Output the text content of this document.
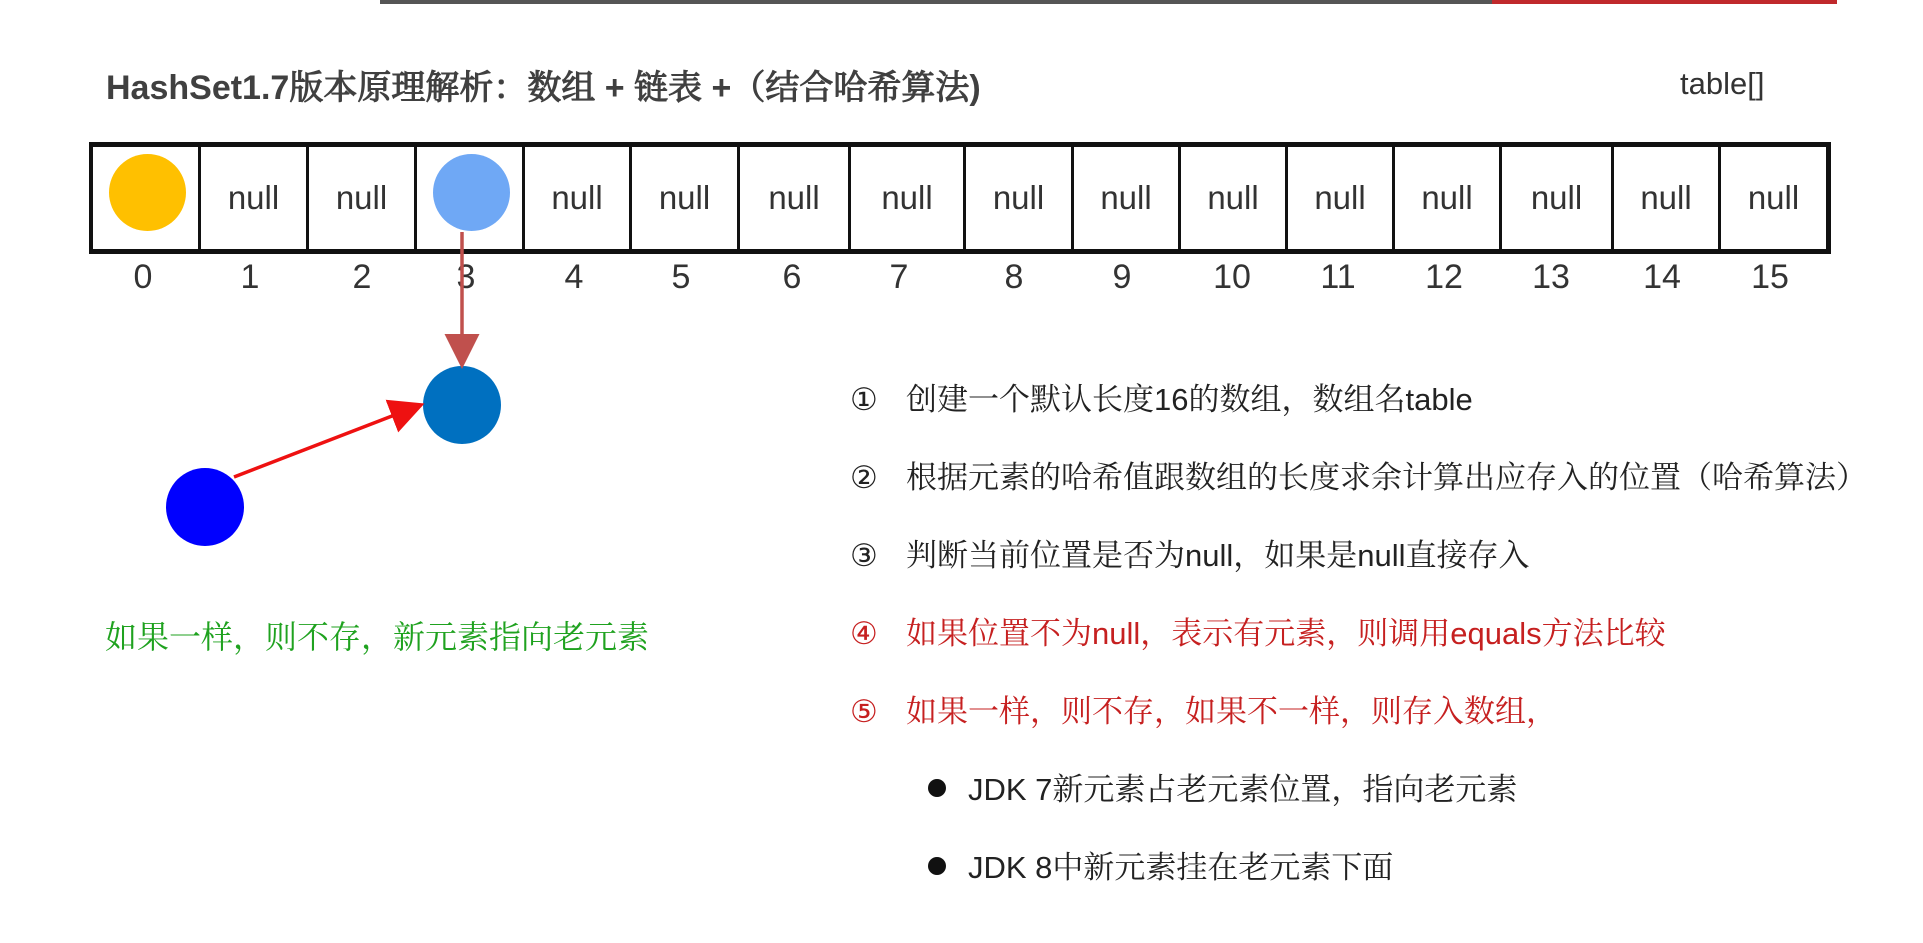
HashSet1.7版本原理解析：数组 + 链表 +（结合哈希算法)	table[]
null	null	null	null	null	null	null	null	null	null	null	null	null	null
0	1	2	3	4	5	6	7	8	9 10 11 12 13 14 15
如果一样，则不存，新元素指向老元素
① 创建一个默认长度16的数组，数组名table
② 根据元素的哈希值跟数组的长度求余计算出应存入的位置（哈希算法）
③ 判断当前位置是否为null，如果是null直接存入
④ 如果位置不为null，表示有元素，则调用equals方法比较
⑤ 如果一样，则不存，如果不一样，则存入数组，
JDK 7新元素占老元素位置，指向老元素
JDK 8中新元素挂在老元素下面
